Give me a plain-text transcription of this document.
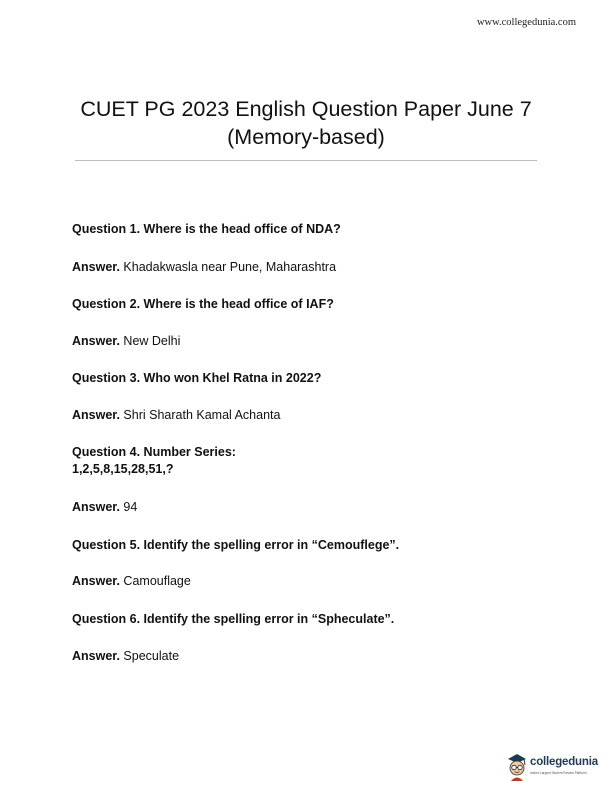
www.collegedunia.com
CUET PG 2023 English Question Paper June 7
(Memory-based)
Question 1. Where is the head office of NDA?
Answer. Khadakwasla near Pune, Maharashtra
Question 2. Where is the head office of IAF?
Answer. New Delhi
Question 3. Who won Khel Ratna in 2022?
Answer. Shri Sharath Kamal Achanta
Question 4. Number Series:
1,2,5,8,15,28,51,?
Answer. 94
Question 5. Identify the spelling error in “Cemouflege”.
Answer. Camouflage
Question 6. Identify the spelling error in “Spheculate”.
Answer. Speculate
collegedunia
India's Largest Student Review Platform
